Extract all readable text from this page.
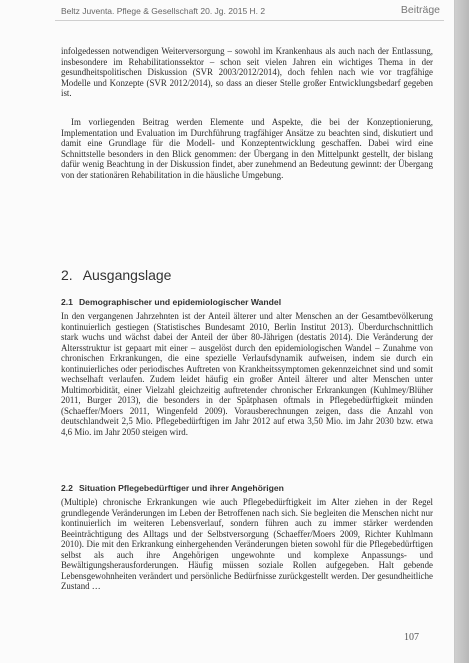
Beltz Juventa. Pflege & Gesellschaft 20. Jg. 2015 H. 2	Beiträge
infolgedessen notwendigen Weiterversorgung – sowohl im Krankenhaus als auch nach der Entlassung, insbesondere im Rehabilitationssektor – schon seit vielen Jahren ein wichtiges Thema in der gesundheitspolitischen Diskussion (SVR 2003/2012/2014), doch fehlen nach wie vor tragfähige Modelle und Konzepte (SVR 2012/2014), so dass an dieser Stelle großer Entwicklungsbedarf gegeben ist.
Im vorliegenden Beitrag werden Elemente und Aspekte, die bei der Konzeptionierung, Implementation und Evaluation im Durchführung tragfähiger Ansätze zu beachten sind, diskutiert und damit eine Grundlage für die Modell- und Konzeptentwicklung geschaffen. Dabei wird eine Schnittstelle besonders in den Blick genommen: der Übergang in den Mittelpunkt gestellt, der bislang dafür wenig Beachtung in der Diskussion findet, aber zunehmend an Bedeutung gewinnt: der Übergang von der stationären Rehabilitation in die häusliche Umgebung.
2. Ausgangslage
2.1 Demographischer und epidemiologischer Wandel
In den vergangenen Jahrzehnten ist der Anteil älterer und alter Menschen an der Gesamtbevölkerung kontinuierlich gestiegen (Statistisches Bundesamt 2010, Berlin Institut 2013). Überdurchschnittlich stark wuchs und wächst dabei der Anteil der über 80-Jährigen (destatis 2014). Die Veränderung der Altersstruktur ist gepaart mit einer – ausgelöst durch den epidemiologischen Wandel – Zunahme von chronischen Erkrankungen, die eine spezielle Verlaufsdynamik aufweisen, indem sie durch ein kontinuierliches oder periodisches Auftreten von Krankheitssymptomen gekennzeichnet sind und somit wechselhaft verlaufen. Zudem leidet häufig ein großer Anteil älterer und alter Menschen unter Multimorbidität, einer Vielzahl gleichzeitig auftretender chronischer Erkrankungen (Kuhlmey/Blüher 2011, Burger 2013), die besonders in der Spätphasen oftmals in Pflegebedürftigkeit münden (Schaeffer/Moers 2011, Wingenfeld 2009). Vorausberechnungen zeigen, dass die Anzahl von deutschlandweit 2,5 Mio. Pflegebedürftigen im Jahr 2012 auf etwa 3,50 Mio. im Jahr 2030 bzw. etwa 4,6 Mio. im Jahr 2050 steigen wird.
2.2 Situation Pflegebedürftiger und ihrer Angehörigen
(Multiple) chronische Erkrankungen wie auch Pflegebedürftigkeit im Alter ziehen in der Regel grundlegende Veränderungen im Leben der Betroffenen nach sich. Sie begleiten die Menschen nicht nur kontinuierlich im weiteren Lebensverlauf, sondern führen auch zu immer stärker werdenden Beeinträchtigung des Alltags und der Selbstversorgung (Schaeffer/Moers 2009, Richter Kuhlmann 2010). Die mit den Erkrankung einhergehenden Veränderungen bieten sowohl für die Pflegebedürftigen selbst als auch ihre Angehörigen ungewohnte und komplexe Anpassungs- und Bewältigungsherausforderungen. Häufig müssen soziale Rollen aufgegeben. Halt gebende Lebensgewohnheiten verändert und persönliche Bedürfnisse zurückgestellt werden. Der gesundheitliche Zustand …
107
